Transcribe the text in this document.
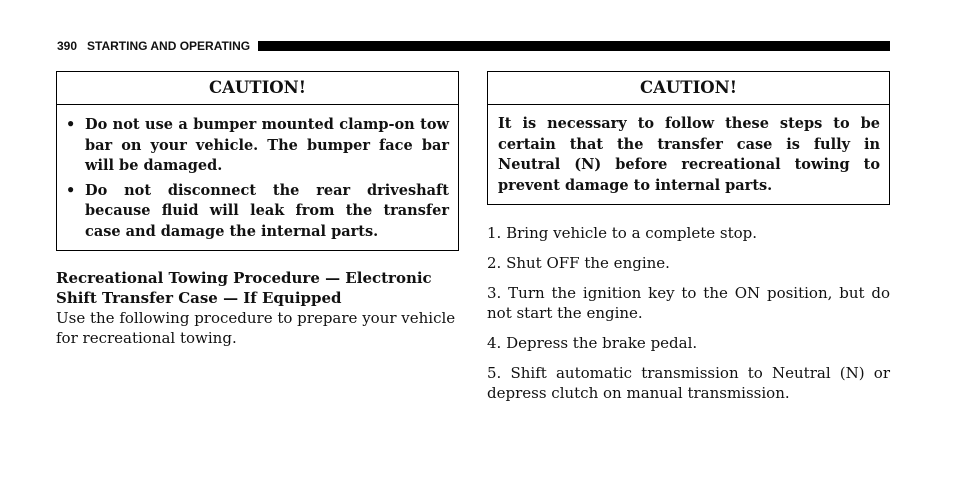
390 STARTING AND OPERATING
CAUTION!
• Do not use a bumper mounted clamp-on tow bar on your vehicle. The bumper face bar will be damaged.
• Do not disconnect the rear driveshaft because fluid will leak from the transfer case and damage the internal parts.

Recreational Towing Procedure — Electronic Shift Transfer Case — If Equipped

Use the following procedure to prepare your vehicle for recreational towing.

CAUTION!
It is necessary to follow these steps to be certain that the transfer case is fully in Neutral (N) before recreational towing to prevent damage to internal parts.

1. Bring vehicle to a complete stop.

2. Shut OFF the engine.

3. Turn the ignition key to the ON position, but do not start the engine.

4. Depress the brake pedal.

5. Shift automatic transmission to Neutral (N) or depress clutch on manual transmission.
